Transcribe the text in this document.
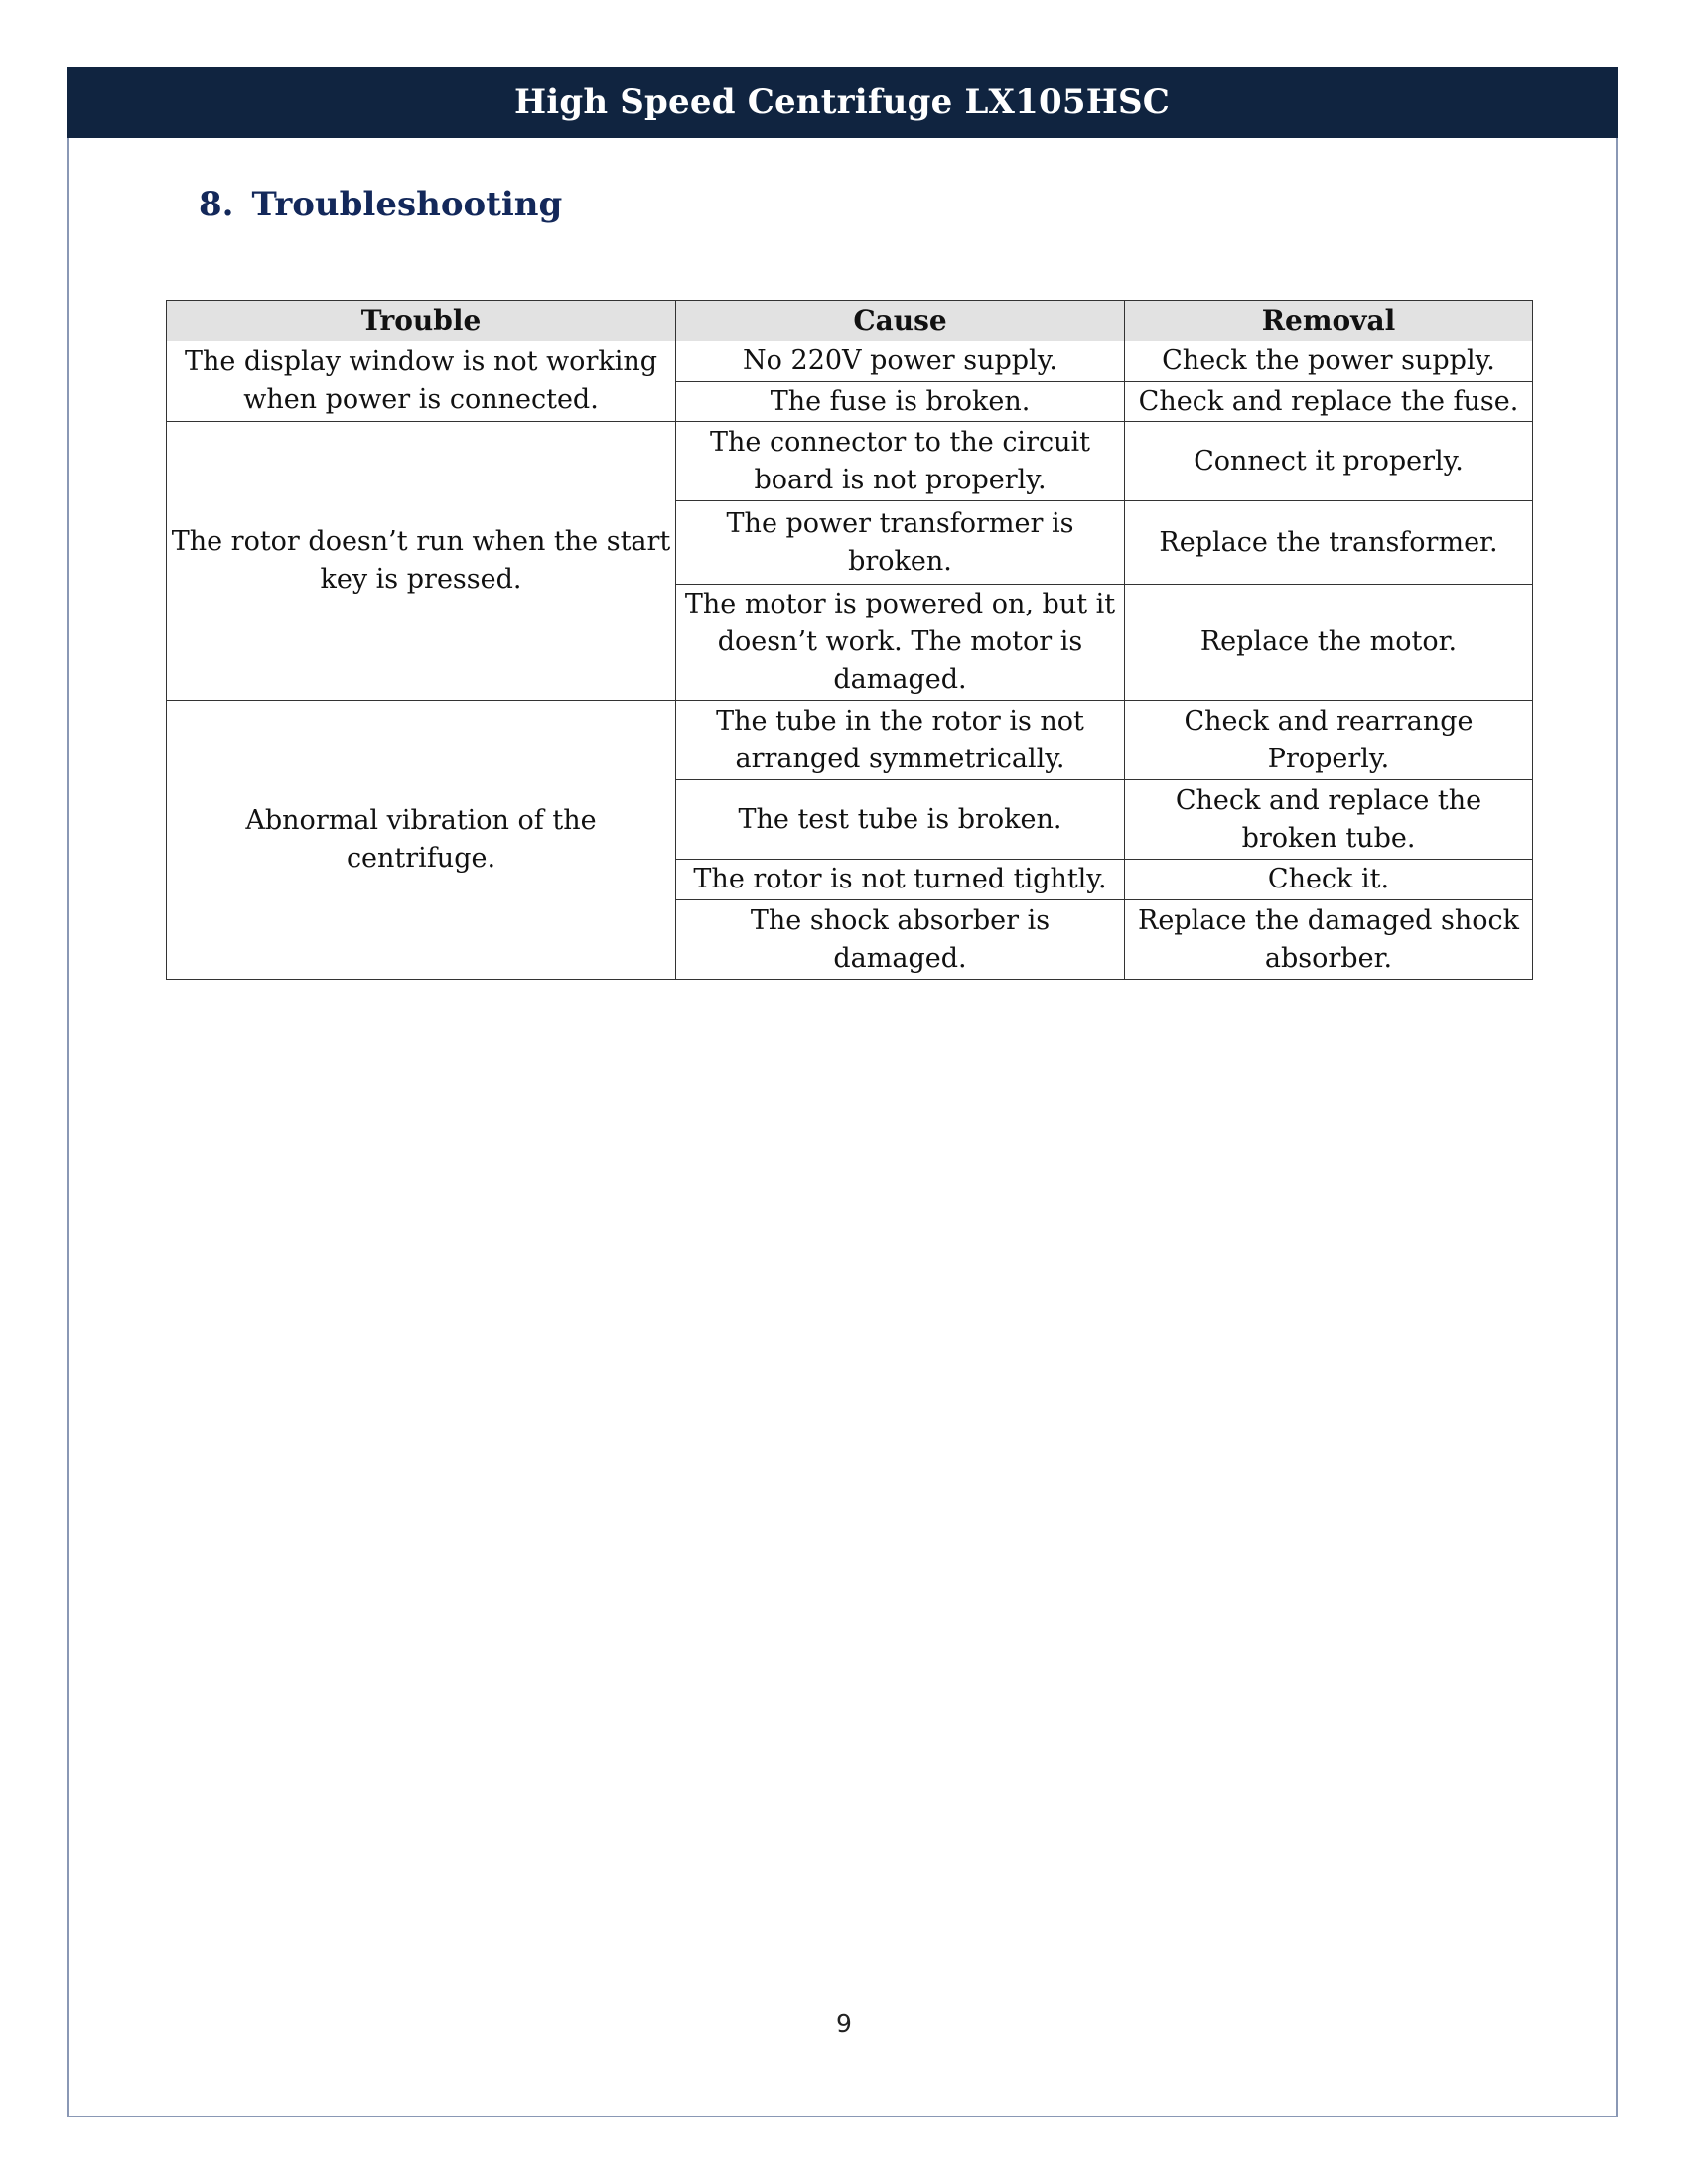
High Speed Centrifuge LX105HSC
8. Troubleshooting
Trouble	Cause	Removal
The display window is not working when power is connected.	No 220V power supply.	Check the power supply.
	The fuse is broken.	Check and replace the fuse.
The rotor doesn’t run when the start key is pressed.	The connector to the circuit board is not properly.	Connect it properly.
	The power transformer is broken.	Replace the transformer.
	The motor is powered on, but it doesn’t work. The motor is damaged.	Replace the motor.
Abnormal vibration of the centrifuge.	The tube in the rotor is not arranged symmetrically.	Check and rearrange Properly.
	The test tube is broken.	Check and replace the broken tube.
	The rotor is not turned tightly.	Check it.
	The shock absorber is damaged.	Replace the damaged shock absorber.
9
